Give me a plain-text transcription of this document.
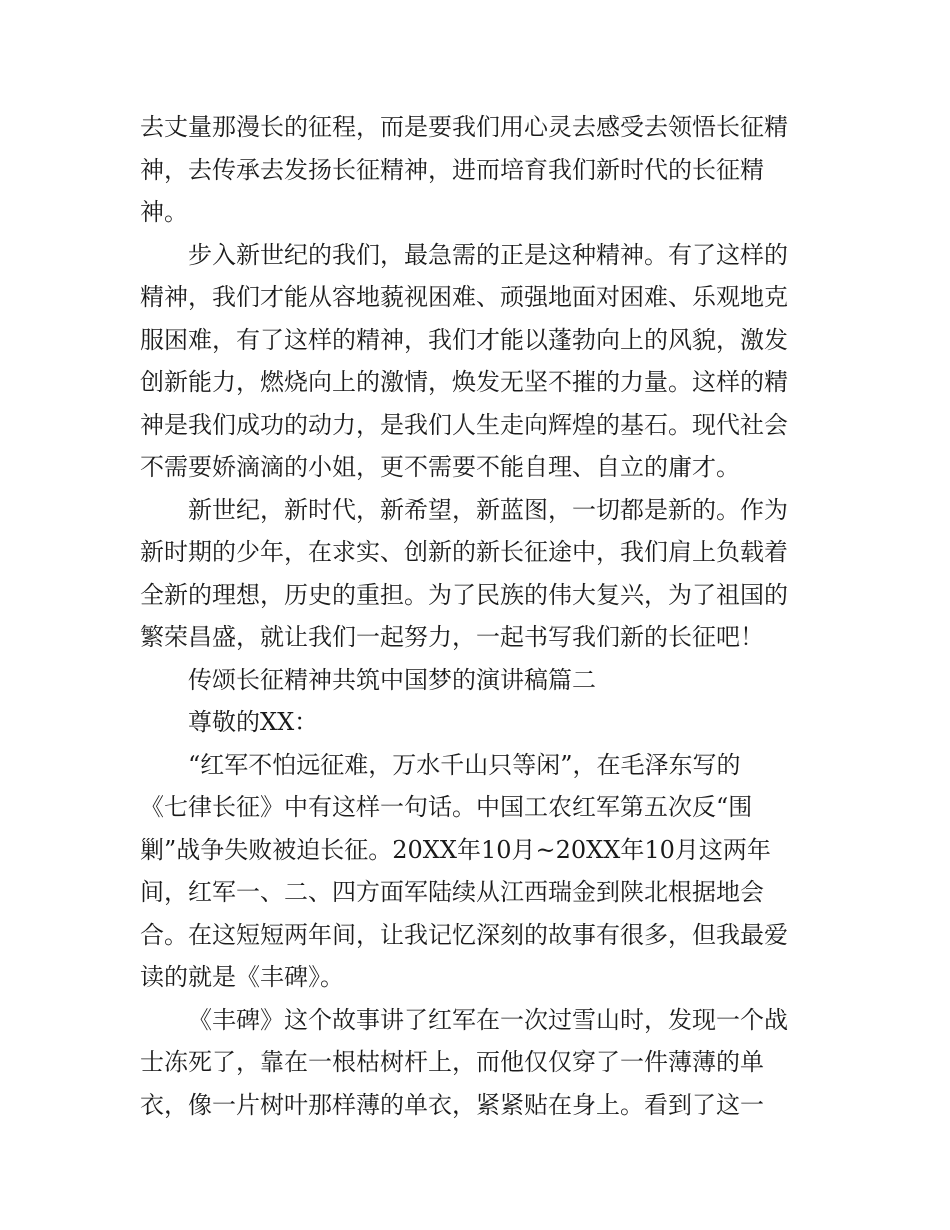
去丈量那漫长的征程，而是要我们用心灵去感受去领悟长征精
神，去传承去发扬长征精神，进而培育我们新时代的长征精
神。

步入新世纪的我们，最急需的正是这种精神。有了这样的
精神，我们才能从容地藐视困难、顽强地面对困难、乐观地克
服困难，有了这样的精神，我们才能以蓬勃向上的风貌，激发
创新能力，燃烧向上的激情，焕发无坚不摧的力量。这样的精
神是我们成功的动力，是我们人生走向辉煌的基石。现代社会
不需要娇滴滴的小姐，更不需要不能自理、自立的庸才。

新世纪，新时代，新希望，新蓝图，一切都是新的。作为
新时期的少年，在求实、创新的新长征途中，我们肩上负载着
全新的理想，历史的重担。为了民族的伟大复兴，为了祖国的
繁荣昌盛，就让我们一起努力，一起书写我们新的长征吧！

传颂长征精神共筑中国梦的演讲稿篇二

尊敬的XX：

“红军不怕远征难，万水千山只等闲”，在毛泽东写的
《七律长征》中有这样一句话。中国工农红军第五次反“围
剿”战争失败被迫长征。20XX年10月~20XX年10月这两年
间，红军一、二、四方面军陆续从江西瑞金到陕北根据地会
合。在这短短两年间，让我记忆深刻的故事有很多，但我最爱
读的就是《丰碑》。

《丰碑》这个故事讲了红军在一次过雪山时，发现一个战
士冻死了，靠在一根枯树杆上，而他仅仅穿了一件薄薄的单
衣，像一片树叶那样薄的单衣，紧紧贴在身上。看到了这一
